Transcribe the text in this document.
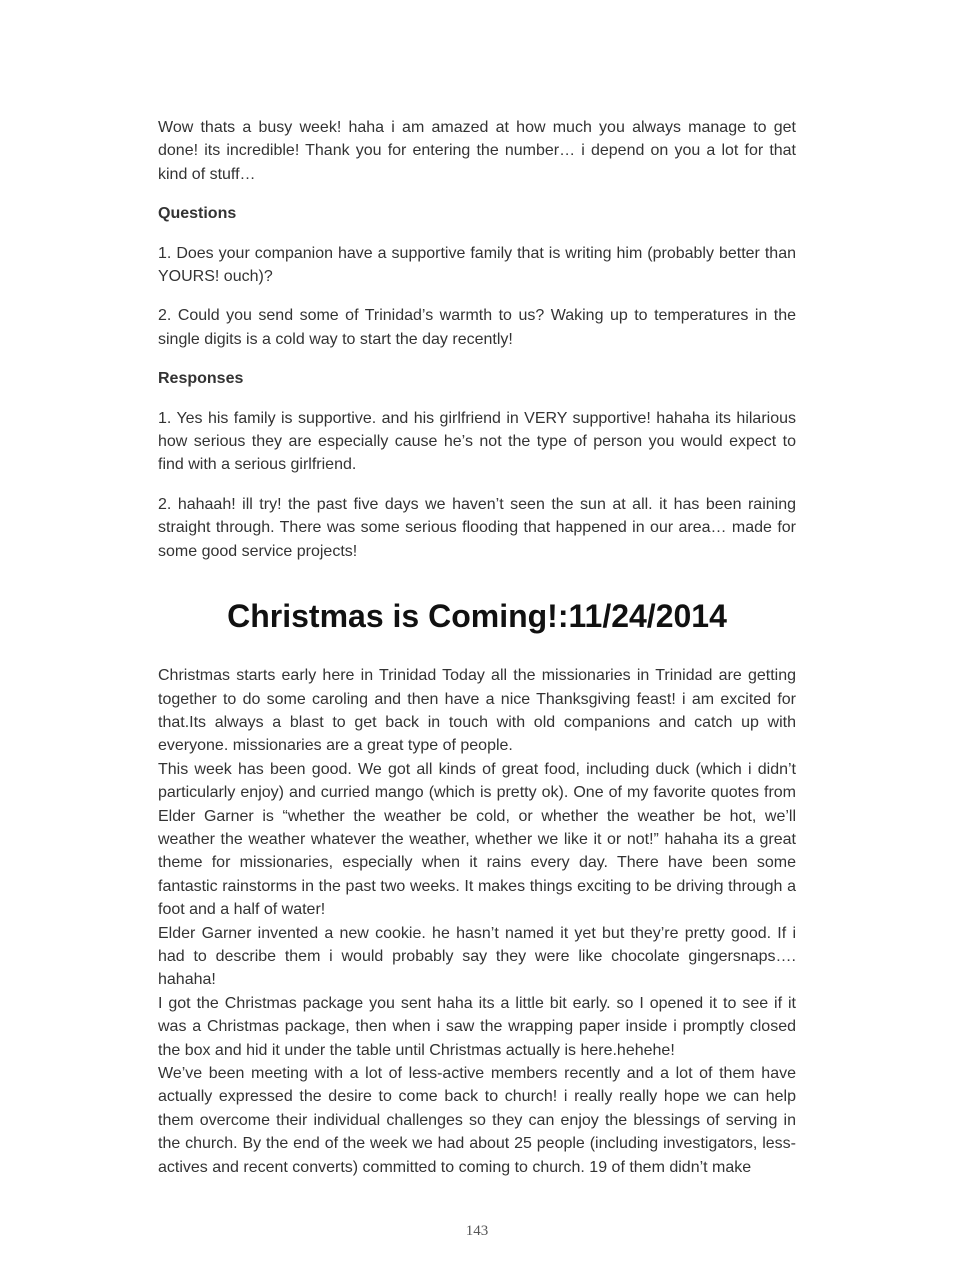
Wow thats a busy week! haha i am amazed at how much you always manage to get done! its incredible! Thank you for entering the number… i depend on you a lot for that kind of stuff…

Questions

1. Does your companion have a supportive family that is writing him (probably better than YOURS! ouch)?

2. Could you send some of Trinidad’s warmth to us? Waking up to temperatures in the single digits is a cold way to start the day recently!

Responses

1. Yes his family is supportive. and his girlfriend in VERY supportive! hahaha its hilarious how serious they are especially cause he’s not the type of person you would expect to find with a serious girlfriend.

2. hahaah! ill try! the past five days we haven’t seen the sun at all. it has been raining straight through. There was some serious flooding that happened in our area… made for some good service projects!

Christmas is Coming!:11/24/2014

Christmas starts early here in Trinidad Today all the missionaries in Trinidad are getting together to do some caroling and then have a nice Thanksgiving feast! i am excited for that.Its always a blast to get back in touch with old companions and catch up with everyone. missionaries are a great type of people.

This week has been good. We got all kinds of great food, including duck (which i didn’t particularly enjoy) and curried mango (which is pretty ok). One of my favorite quotes from Elder Garner is “whether the weather be cold, or whether the weather be hot, we’ll weather the weather whatever the weather, whether we like it or not!” hahaha its a great theme for missionaries, especially when it rains every day. There have been some fantastic rainstorms in the past two weeks. It makes things exciting to be driving through a foot and a half of water!

Elder Garner invented a new cookie. he hasn’t named it yet but they’re pretty good. If i had to describe them i would probably say they were like chocolate gingersnaps…. hahaha!

I got the Christmas package you sent haha its a little bit early. so I opened it to see if it was a Christmas package, then when i saw the wrapping paper inside i promptly closed the box and hid it under the table until Christmas actually is here.hehehe!

We’ve been meeting with a lot of less-active members recently and a lot of them have actually expressed the desire to come back to church! i really really hope we can help them overcome their individual challenges so they can enjoy the blessings of serving in the church. By the end of the week we had about 25 people (including investigators, less-actives and recent converts) committed to coming to church. 19 of them didn’t make

143
